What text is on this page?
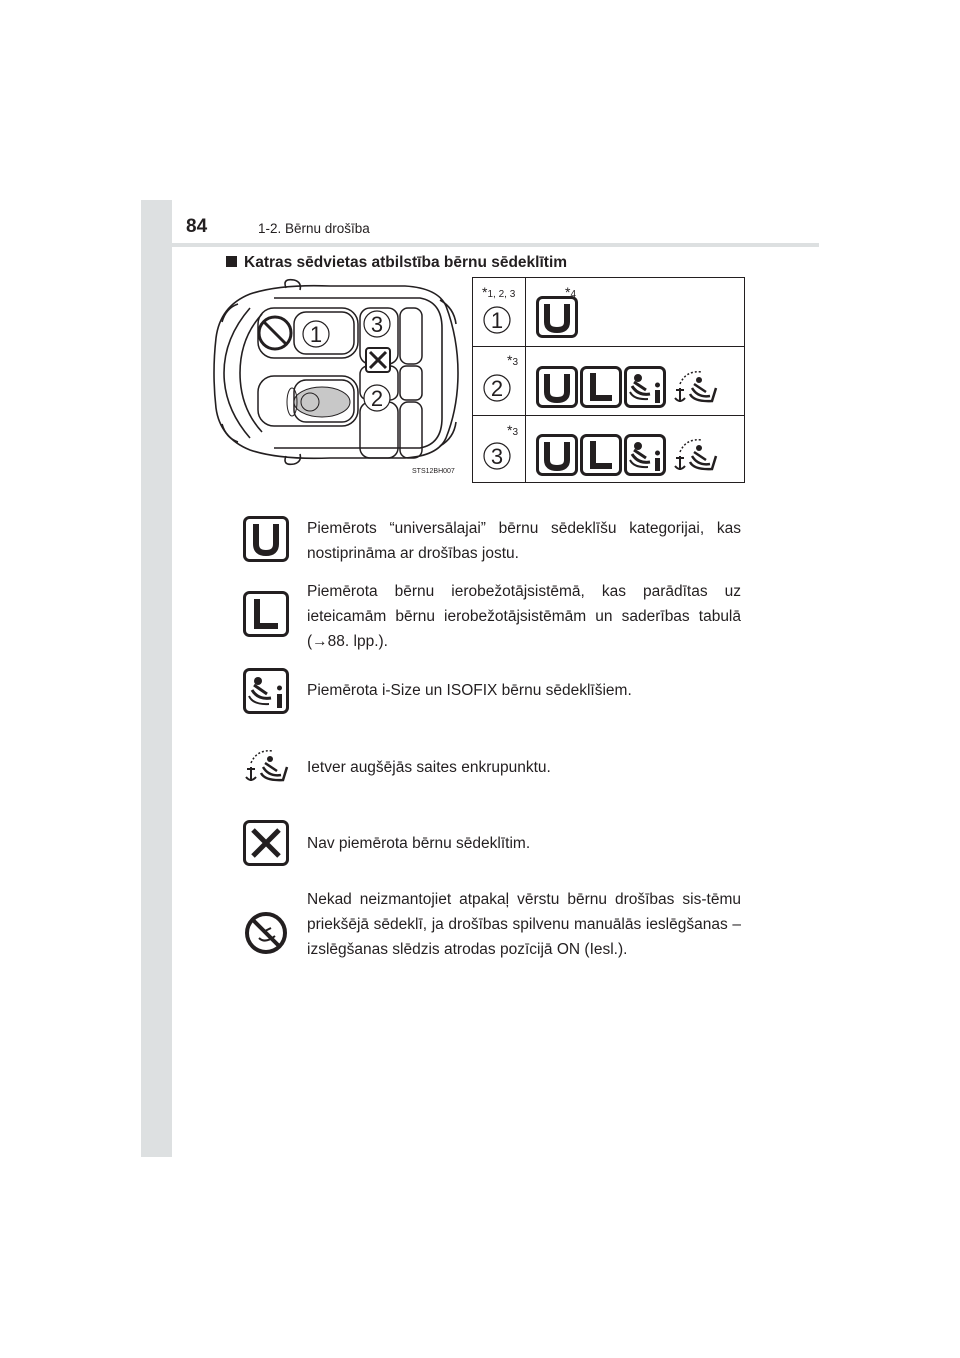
84	1-2. Bērnu drošība
Katras sēdvietas atbilstība bērnu sēdeklītim
1 3
2
STS12BH007
*1, 2, 3	*4
1
*3
2
*3
3
Piemērots “universālajai” bērnu sēdeklīšu kategorijai, kas nostiprināma ar drošības jostu.
Piemērota bērnu ierobežotājsistēmā, kas parādītas uz ieteicamām bērnu ierobežotājsistēmām un saderības tabulā (→88. lpp.).
Piemērota i-Size un ISOFIX bērnu sēdeklīšiem.
Ietver augšējās saites enkrupunktu.
Nav piemērota bērnu sēdeklītim.
Nekad neizmantojiet atpakaļ vērstu bērnu drošības sis-tēmu priekšējā sēdeklī, ja drošības spilvenu manuālās ieslēgšanas – izslēgšanas slēdzis atrodas pozīcijā ON (Iesl.).
